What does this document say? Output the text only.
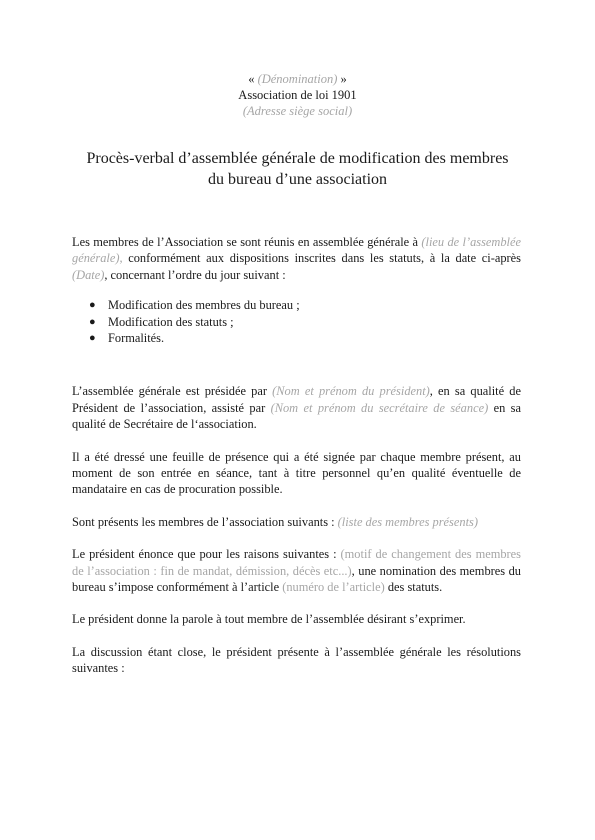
« (Dénomination) »
Association de loi 1901
(Adresse siège social)
Procès-verbal d’assemblée générale de modification des membres du bureau d’une association

Les membres de l’Association se sont réunis en assemblée générale à (lieu de l’assemblée générale), conformément aux dispositions inscrites dans les statuts, à la date ci-après (Date), concernant l’ordre du jour suivant :

● Modification des membres du bureau ;
● Modification des statuts ;
● Formalités.

L’assemblée générale est présidée par (Nom et prénom du président), en sa qualité de Président de l’association, assisté par (Nom et prénom du secrétaire de séance) en sa qualité de Secrétaire de l‘association.

Il a été dressé une feuille de présence qui a été signée par chaque membre présent, au moment de son entrée en séance, tant à titre personnel qu’en qualité éventuelle de mandataire en cas de procuration possible.

Sont présents les membres de l’association suivants : (liste des membres présents)

Le président énonce que pour les raisons suivantes : (motif de changement des membres de l’association : fin de mandat, démission, décès etc...), une nomination des membres du bureau s’impose conformément à l’article (numéro de l’article) des statuts.

Le président donne la parole à tout membre de l’assemblée désirant s’exprimer.

La discussion étant close, le président présente à l’assemblée générale les résolutions suivantes :
